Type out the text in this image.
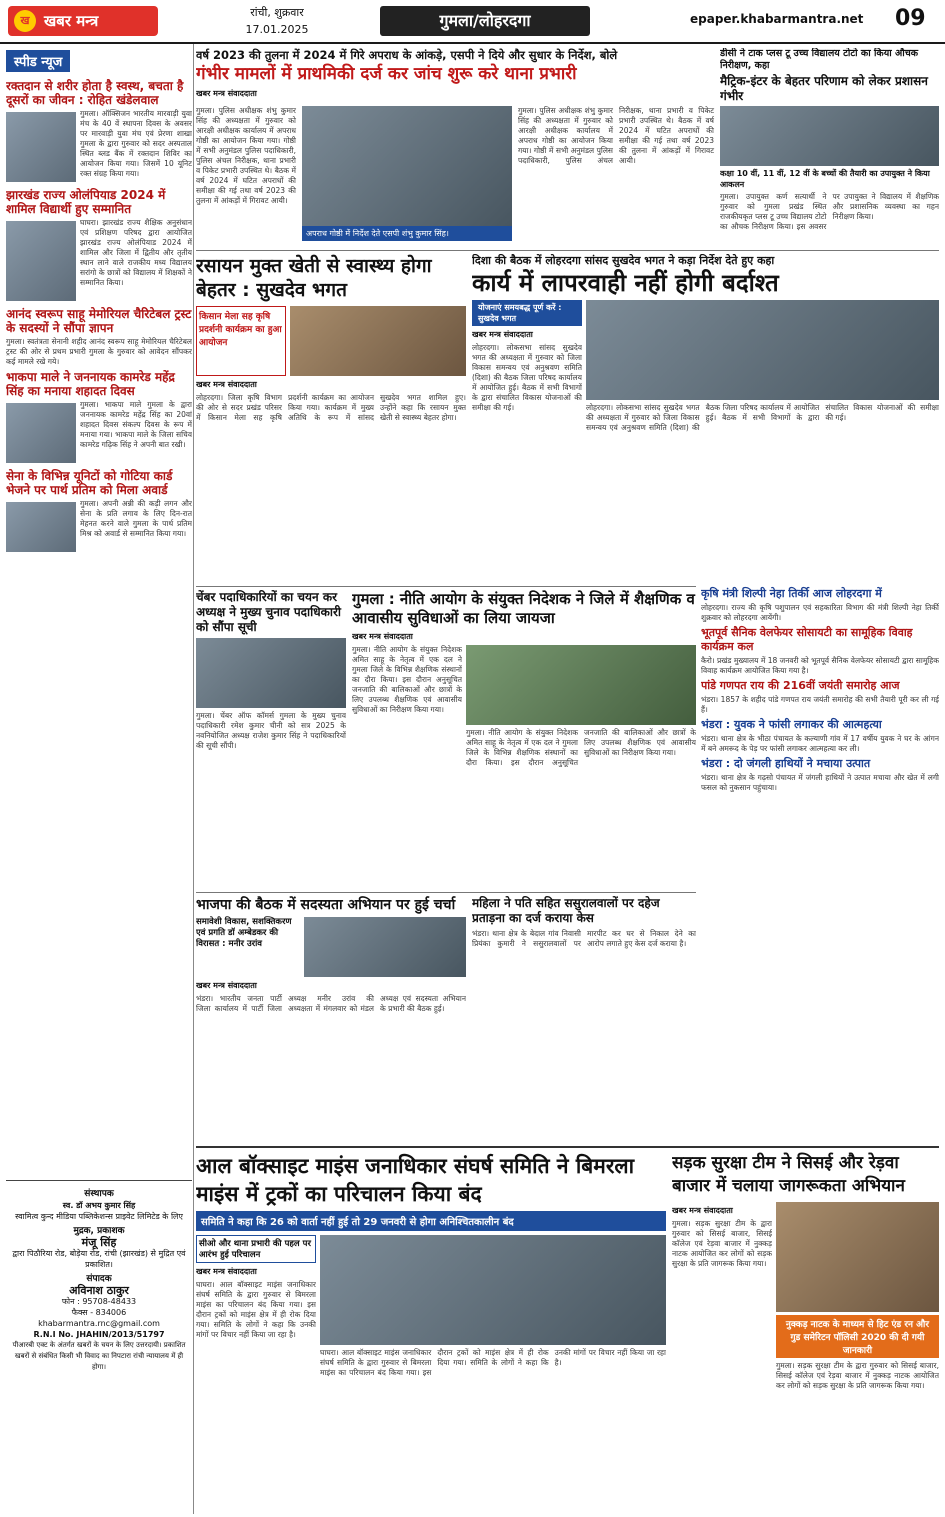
ख खबर मन्त्र	रांची, शुक्रवार
17.01.2025	गुमला/लोहरदगा	epaper.khabarmantra.net 09
स्पीड न्यूज
रक्तदान से शरीर होता है स्वस्थ, बचता है दूसरों का जीवन : रोहित खंडेलवाल
गुमला। ऑक्सिजन भारतीय मारवाड़ी युवा मंच के 40 वें स्थापना दिवस के अवसर पर मारवाड़ी युवा मंच एवं प्रेरणा शाखा गुमला के द्वारा गुरुवार को सदर अस्पताल स्थित ब्लड बैंक में रक्तदान शिविर का आयोजन किया गया। जिसमें 10 यूनिट रक्त संग्रह किया गया।
झारखंड राज्य ओलंपियाड 2024 में शामिल विद्यार्थी हुए सम्मानित
घाघरा। झारखंड राज्य शैक्षिक अनुसंधान एवं प्रशिक्षण परिषद द्वारा आयोजित झारखंड राज्य ओलंपियाड 2024 में शामिल और जिला में द्वितीय और तृतीय स्थान लाने वाले राजकीय मध्य विद्यालय सरांगो के छात्रों को विद्यालय में शिक्षकों ने सम्मानित किया।
आनंद स्वरूप साहू मेमोरियल चैरिटेबल ट्रस्ट के सदस्यों ने सौंपा ज्ञापन
गुमला। स्वतंत्रता सेनानी शहीद आनंद स्वरूप साहू मेमोरियल चैरिटेबल ट्रस्ट की ओर से प्रथम प्रभारी गुमला के गुरुवार को आवेदन सौंपकर कई मामले रखे गये।
भाकपा माले ने जननायक कामरेड महेंद्र सिंह का मनाया शहादत दिवस
गुमला। भाकपा माले गुमला के द्वारा जननायक कामरेड महेंद्र सिंह का 20वां शहादत दिवस संकल्प दिवस के रूप में मनाया गया। भाकपा माले के जिला सचिव कामरेड गढ़िक सिंह ने अपनी बात रखी।
सेना के विभिन्न यूनिटों को गोटिया कार्ड भेजने पर पार्थ प्रतिम को मिला अवार्ड
गुमला। अपनी अन्नी की कड़ी लगन और सेना के प्रति लगाव के लिए दिन-रात मेहनत करने वाले गुमला के पार्थ प्रतिम मिश्र को अवार्ड से सम्मानित किया गया।
संस्थापक

स्व. डॉ अभय कुमार सिंह

स्वामित्व कुन्द मीडिया पब्लिकेशन्स प्राइवेट लिमिटेड के लिए

मुद्रक, प्रकाशक

मंजू सिंह

द्वारा पिठौरिया रोड, बोड़ेया रोड, रांची (झारखंड) से मुद्रित एवं प्रकाशित।

संपादक

अविनाश ठाकुर

फोन : 95708-48433

फैक्स - 834006

khabarmantra.rnc@gmail.com

R.N.I No. JHAHIN/2013/51797

पीआरबी एक्ट के अंतर्गत खबरों के चयन के लिए उत्तरदायी। प्रकाशित खबरों से संबंधित किसी भी विवाद का निपटारा रांची न्यायालय में ही होगा।

वर्ष 2023 की तुलना में 2024 में गिरे अपराध के आंकड़े, एसपी ने दिये और सुधार के निर्देश, बोले
गंभीर मामलों में प्राथमिकी दर्ज कर जांच शुरू करे थाना प्रभारी
खबर मन्त्र संवाददाता
गुमला। पुलिस अधीक्षक शंभु कुमार सिंह की अध्यक्षता में गुरुवार को आरक्षी अधीक्षक कार्यालय में अपराध गोष्ठी का आयोजन किया गया। गोष्ठी में सभी अनुमंडल पुलिस पदाधिकारी, पुलिस अंचल निरीक्षक, थाना प्रभारी व पिकेट प्रभारी उपस्थित थे। बैठक में वर्ष 2024 में घटित अपराधों की समीक्षा की गई तथा वर्ष 2023 की तुलना में आंकड़ों में गिरावट आयी।
अपराध गोष्ठी में निर्देश देते एसपी शंभु कुमार सिंह।
गुमला। पुलिस अधीक्षक शंभु कुमार सिंह की अध्यक्षता में गुरुवार को आरक्षी अधीक्षक कार्यालय में अपराध गोष्ठी का आयोजन किया गया। गोष्ठी में सभी अनुमंडल पुलिस पदाधिकारी, पुलिस अंचल निरीक्षक, थाना प्रभारी व पिकेट प्रभारी उपस्थित थे। बैठक में वर्ष 2024 में घटित अपराधों की समीक्षा की गई तथा वर्ष 2023 की तुलना में आंकड़ों में गिरावट आयी।
डीसी ने टाक प्लस टू उच्च विद्यालय टोटो का किया औचक निरीक्षण, कहा
मैट्रिक-इंटर के बेहतर परिणाम को लेकर प्रशासन गंभीर
कक्षा 10 वीं, 11 वीं, 12 वीं के बच्चों की तैयारी का उपायुक्त ने किया आकलन
गुमला। उपायुक्त कर्ण सत्यार्थी ने गुरुवार को गुमला प्रखंड स्थित राजकीयकृत प्लस टू उच्च विद्यालय टोटो का औचक निरीक्षण किया। इस अवसर पर उपायुक्त ने विद्यालय में शैक्षणिक और प्रशासनिक व्यवस्था का गहन निरीक्षण किया।
रसायन मुक्त खेती से स्वास्थ्य होगा बेहतर : सुखदेव भगत
किसान मेला सह कृषि प्रदर्शनी कार्यक्रम का हुआ आयोजन
खबर मन्त्र संवाददाता
लोहरदगा। जिला कृषि विभाग की ओर से सदर प्रखंड परिसर में किसान मेला सह कृषि प्रदर्शनी कार्यक्रम का आयोजन किया गया। कार्यक्रम में मुख्य अतिथि के रूप में सांसद सुखदेव भगत शामिल हुए। उन्होंने कहा कि रसायन मुक्त खेती से स्वास्थ्य बेहतर होगा।
दिशा की बैठक में लोहरदगा सांसद सुखदेव भगत ने कड़ा निर्देश देते हुए कहा
कार्य में लापरवाही नहीं होगी बर्दाश्त
योजनाएं समयबद्ध पूर्ण करें : सुखदेव भगत
खबर मन्त्र संवाददाता
लोहरदगा। लोकसभा सांसद सुखदेव भगत की अध्यक्षता में गुरुवार को जिला विकास समन्वय एवं अनुश्रवण समिति (दिशा) की बैठक जिला परिषद कार्यालय में आयोजित हुई। बैठक में सभी विभागों के द्वारा संचालित विकास योजनाओं की समीक्षा की गई।	लोहरदगा। लोकसभा सांसद सुखदेव भगत की अध्यक्षता में गुरुवार को जिला विकास समन्वय एवं अनुश्रवण समिति (दिशा) की बैठक जिला परिषद कार्यालय में आयोजित हुई। बैठक में सभी विभागों के द्वारा संचालित विकास योजनाओं की समीक्षा की गई।
कृषि मंत्री शिल्पी नेहा तिर्की आज लोहरदगा में
लोहरदगा। राज्य की कृषि पशुपालन एवं सहकारिता विभाग की मंत्री शिल्पी नेहा तिर्की शुक्रवार को लोहरदगा आयेंगी।
भूतपूर्व सैनिक वेलफेयर सोसायटी का सामूहिक विवाह कार्यक्रम कल
कैरो। प्रखंड मुख्यालय में 18 जनवरी को भूतपूर्व सैनिक वेलफेयर सोसायटी द्वारा सामूहिक विवाह कार्यक्रम आयोजित किया गया है।
पांडे गणपत राय की 216वीं जयंती समारोह आज
भंडरा। 1857 के शहीद पांडे गणपत राय जयंती समारोह की सभी तैयारी पूरी कर ली गई हैं।
भंडरा : युवक ने फांसी लगाकर की आत्महत्या
भंडरा। थाना क्षेत्र के भीठा पंचायत के कल्याणी गांव में 17 वर्षीय युवक ने घर के आंगन में बने अमरूद के पेड़ पर फांसी लगाकर आत्महत्या कर ली।
भंडरा : दो जंगली हाथियों ने मचाया उत्पात
भंडरा। थाना क्षेत्र के गढ़सो पंचायत में जंगली हाथियों ने उत्पात मचाया और खेत में लगी फसल को नुकसान पहुंचाया।
चेंबर पदाधिकारियों का चयन कर अध्यक्ष ने मुख्य चुनाव पदाधिकारी को सौंपा सूची
गुमला। चेंबर ऑफ कॉमर्स गुमला के मुख्य चुनाव पदाधिकारी रमेश कुमार चीनी को सत्र 2025 के नवनियोजित अध्यक्ष राजेश कुमार सिंह ने पदाधिकारियों की सूची सौंपी।
गुमला : नीति आयोग के संयुक्त निदेशक ने जिले में शैक्षणिक व आवासीय सुविधाओं का लिया जायजा
खबर मन्त्र संवाददाता
गुमला। नीति आयोग के संयुक्त निदेशक अमित साहू के नेतृत्व में एक दल ने गुमला जिले के विभिन्न शैक्षणिक संस्थानों का दौरा किया। इस दौरान अनुसूचित जनजाति की बालिकाओं और छात्रों के लिए उपलब्ध शैक्षणिक एवं आवासीय सुविधाओं का निरीक्षण किया गया।
गुमला। नीति आयोग के संयुक्त निदेशक अमित साहू के नेतृत्व में एक दल ने गुमला जिले के विभिन्न शैक्षणिक संस्थानों का दौरा किया। इस दौरान अनुसूचित जनजाति की बालिकाओं और छात्रों के लिए उपलब्ध शैक्षणिक एवं आवासीय सुविधाओं का निरीक्षण किया गया।
भाजपा की बैठक में सदस्यता अभियान पर हुई चर्चा
समावेशी विकास, सशक्तिकरण एवं प्रगति डॉ अम्बेडकर की विरासत : मनीर उरांव
खबर मन्त्र संवाददाता
भंडरा। भारतीय जनता पार्टी जिला कार्यालय में पार्टी जिला अध्यक्ष मनीर उरांव की अध्यक्षता में मंगलवार को मंडल अध्यक्ष एवं सदस्यता अभियान के प्रभारी की बैठक हुई।
महिला ने पति सहित ससुरालवालों पर दहेज प्रताड़ना का दर्ज कराया केस
भंडरा। थाना क्षेत्र के बेदाल गांव निवासी प्रियंका कुमारी ने ससुरालवालों पर मारपीट कर घर से निकाल देने का आरोप लगाते हुए केस दर्ज कराया है।
आल बॉक्साइट माइंस जनाधिकार संघर्ष समिति ने बिमरला माइंस में ट्रकों का परिचालन किया बंद
समिति ने कहा कि 26 को वार्ता नहीं हुई तो 29 जनवरी से होगा अनिश्चितकालीन बंद
सीओ और थाना प्रभारी की पहल पर आरंभ हुई परिचालन
खबर मन्त्र संवाददाता
घाघरा। आल बॉक्साइट माइंस जनाधिकार संघर्ष समिति के द्वारा गुरुवार से बिमरला माइंस का परिचालन बंद किया गया। इस दौरान ट्रकों को माइंस क्षेत्र में ही रोक दिया गया। समिति के लोगों ने कहा कि उनकी मांगों पर विचार नहीं किया जा रहा है।
घाघरा। आल बॉक्साइट माइंस जनाधिकार संघर्ष समिति के द्वारा गुरुवार से बिमरला माइंस का परिचालन बंद किया गया। इस दौरान ट्रकों को माइंस क्षेत्र में ही रोक दिया गया। समिति के लोगों ने कहा कि उनकी मांगों पर विचार नहीं किया जा रहा है।
सड़क सुरक्षा टीम ने सिसई और रेड़वा बाजार में चलाया जागरूकता अभियान
खबर मन्त्र संवाददाता
गुमला। सड़क सुरक्षा टीम के द्वारा गुरुवार को सिसई बाजार, सिसई कॉलेज एवं रेड़वा बाजार में नुक्कड़ नाटक आयोजित कर लोगों को सड़क सुरक्षा के प्रति जागरूक किया गया।
नुक्कड़ नाटक के माध्यम से हिट एंड रन और गुड समेरिटन पॉलिसी 2020 की दी गयी जानकारी
गुमला। सड़क सुरक्षा टीम के द्वारा गुरुवार को सिसई बाजार, सिसई कॉलेज एवं रेड़वा बाजार में नुक्कड़ नाटक आयोजित कर लोगों को सड़क सुरक्षा के प्रति जागरूक किया गया।
